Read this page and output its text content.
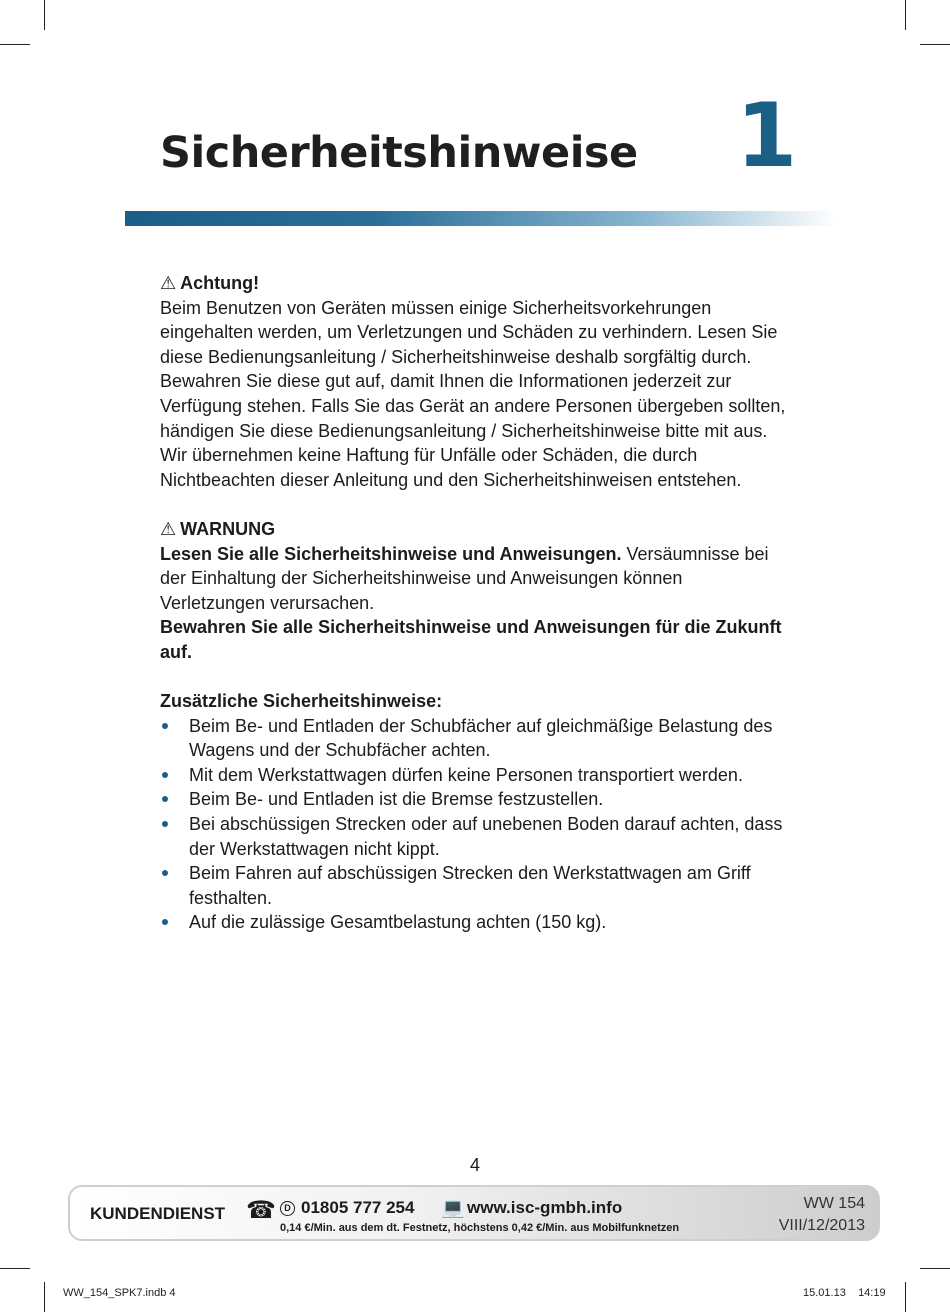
Sicherheitshinweise 1

⚠ Achtung!

Beim Benutzen von Geräten müssen einige Sicherheitsvorkehrungen eingehalten werden, um Verletzungen und Schäden zu verhindern. Lesen Sie diese Bedienungsanleitung / Sicherheitshinweise deshalb sorgfältig durch. Bewahren Sie diese gut auf, damit Ihnen die Informationen jederzeit zur Verfügung stehen. Falls Sie das Gerät an andere Personen übergeben sollten, händigen Sie diese Bedienungsanleitung / Sicherheitshinweise bitte mit aus. Wir übernehmen keine Haftung für Unfälle oder Schäden, die durch Nichtbeachten dieser Anleitung und den Sicherheitshinweisen entstehen.

⚠ WARNUNG

Lesen Sie alle Sicherheitshinweise und Anweisungen. Versäumnisse bei der Einhaltung der Sicherheitshinweise und Anweisungen können Verletzungen verursachen.

Bewahren Sie alle Sicherheitshinweise und Anweisungen für die Zukunft auf.

Zusätzliche Sicherheitshinweise:

Beim Be- und Entladen der Schubfächer auf gleichmäßige Belastung des Wagens und der Schubfächer achten.
Mit dem Werkstattwagen dürfen keine Personen transportiert werden.
Beim Be- und Entladen ist die Bremse festzustellen.
Bei abschüssigen Strecken oder auf unebenen Boden darauf achten, dass der Werkstattwagen nicht kippt.
Beim Fahren auf abschüssigen Strecken den Werkstattwagen am Griff festhalten.
Auf die zulässige Gesamtbelastung achten (150 kg).
4
KUNDENDIENST ☎ D 01805 777 254 💻 www.isc-gmbh.info
0,14 €/Min. aus dem dt. Festnetz, höchstens 0,42 €/Min. aus Mobilfunknetzen
WW 154
VIII/12/2013
WW_154_SPK7.indb 4	15.01.13 14:19
